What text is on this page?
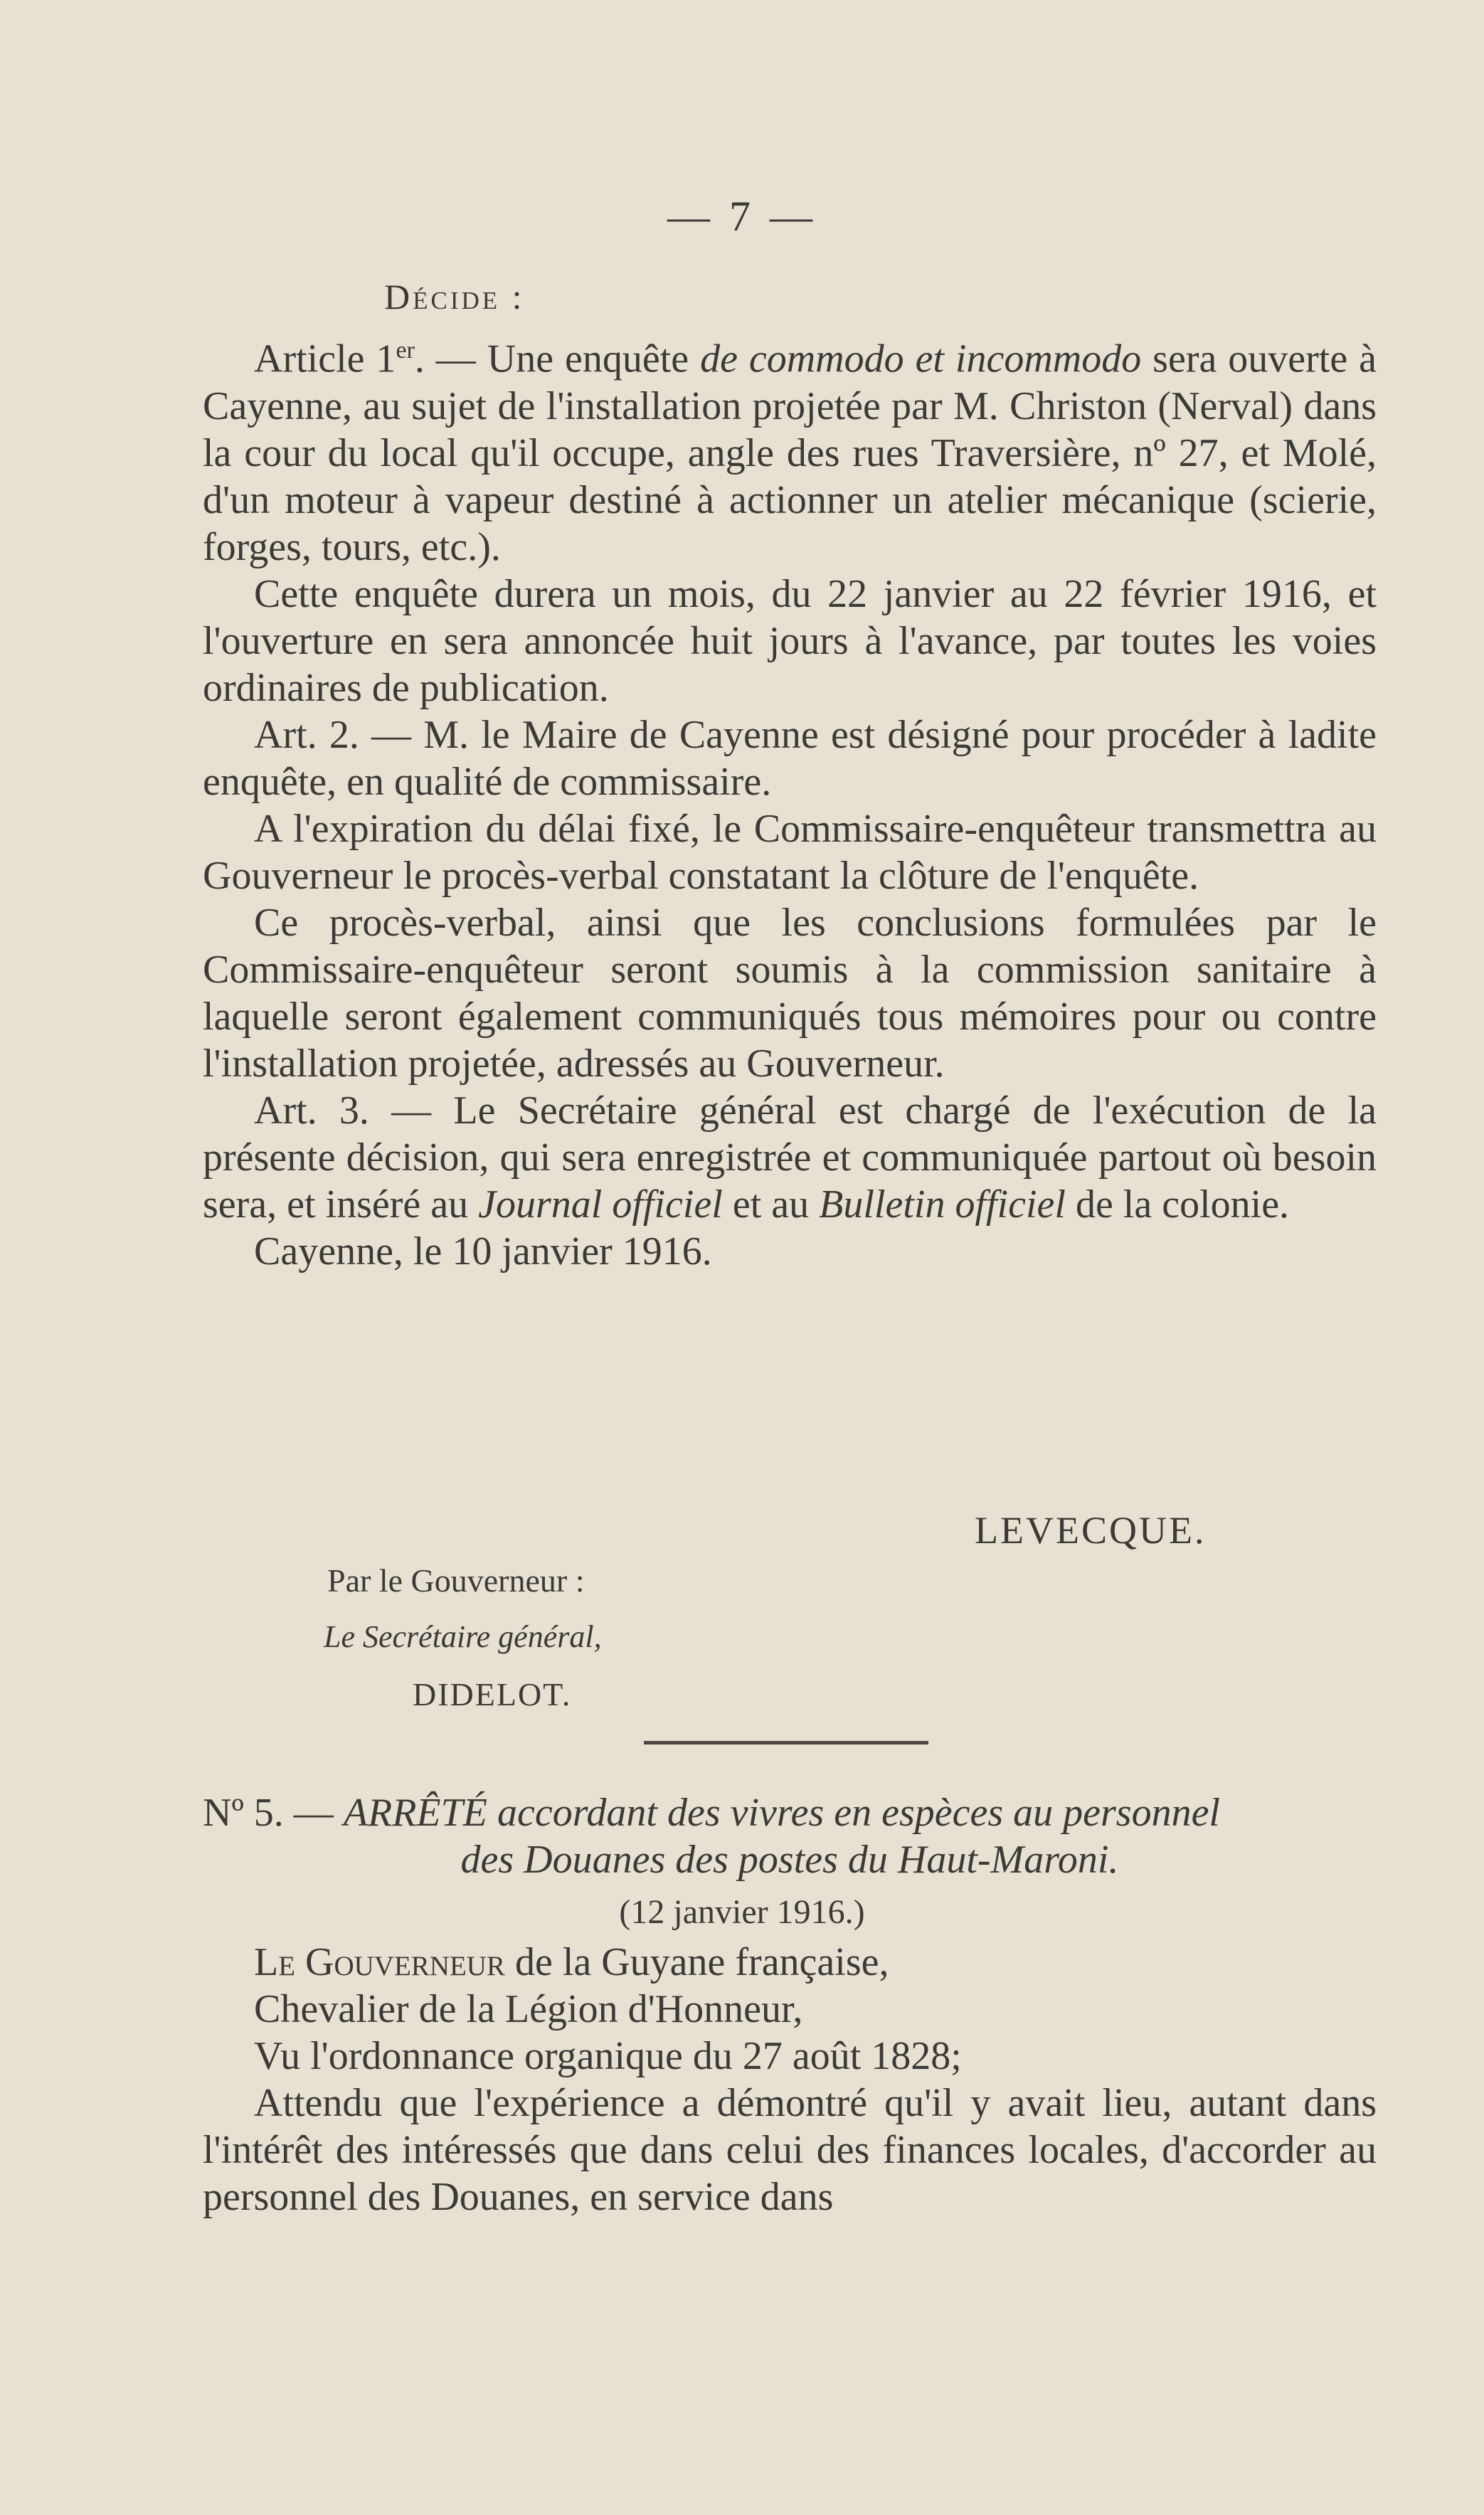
— 7 —
Décide :

Article 1er. — Une enquête de commodo et incommodo sera ouverte à Cayenne, au sujet de l'installation projetée par M. Christon (Nerval) dans la cour du local qu'il occupe, angle des rues Traversière, nº 27, et Molé, d'un moteur à vapeur destiné à actionner un atelier mécanique (scierie, forges, tours, etc.).

Cette enquête durera un mois, du 22 janvier au 22 février 1916, et l'ouverture en sera annoncée huit jours à l'avance, par toutes les voies ordinaires de publication.

Art. 2. — M. le Maire de Cayenne est désigné pour procéder à ladite enquête, en qualité de commissaire.

A l'expiration du délai fixé, le Commissaire-enquêteur transmettra au Gouverneur le procès-verbal constatant la clôture de l'enquête.

Ce procès-verbal, ainsi que les conclusions formulées par le Commissaire-enquêteur seront soumis à la commission sanitaire à laquelle seront également communiqués tous mémoires pour ou contre l'installation projetée, adressés au Gouverneur.

Art. 3. — Le Secrétaire général est chargé de l'exécution de la présente décision, qui sera enregistrée et communiquée partout où besoin sera, et inséré au Journal officiel et au Bulletin officiel de la colonie.

Cayenne, le 10 janvier 1916.

LEVECQUE.
Par le Gouverneur :
Le Secrétaire général,
DIDELOT.

Nº 5. — ARRÊTÉ accordant des vivres en espèces au personnel

des Douanes des postes du Haut-Maroni.

(12 janvier 1916.)

Le Gouverneur de la Guyane française,

Chevalier de la Légion d'Honneur,

Vu l'ordonnance organique du 27 août 1828;

Attendu que l'expérience a démontré qu'il y avait lieu, autant dans l'intérêt des intéressés que dans celui des finances locales, d'accorder au personnel des Douanes, en service dans
